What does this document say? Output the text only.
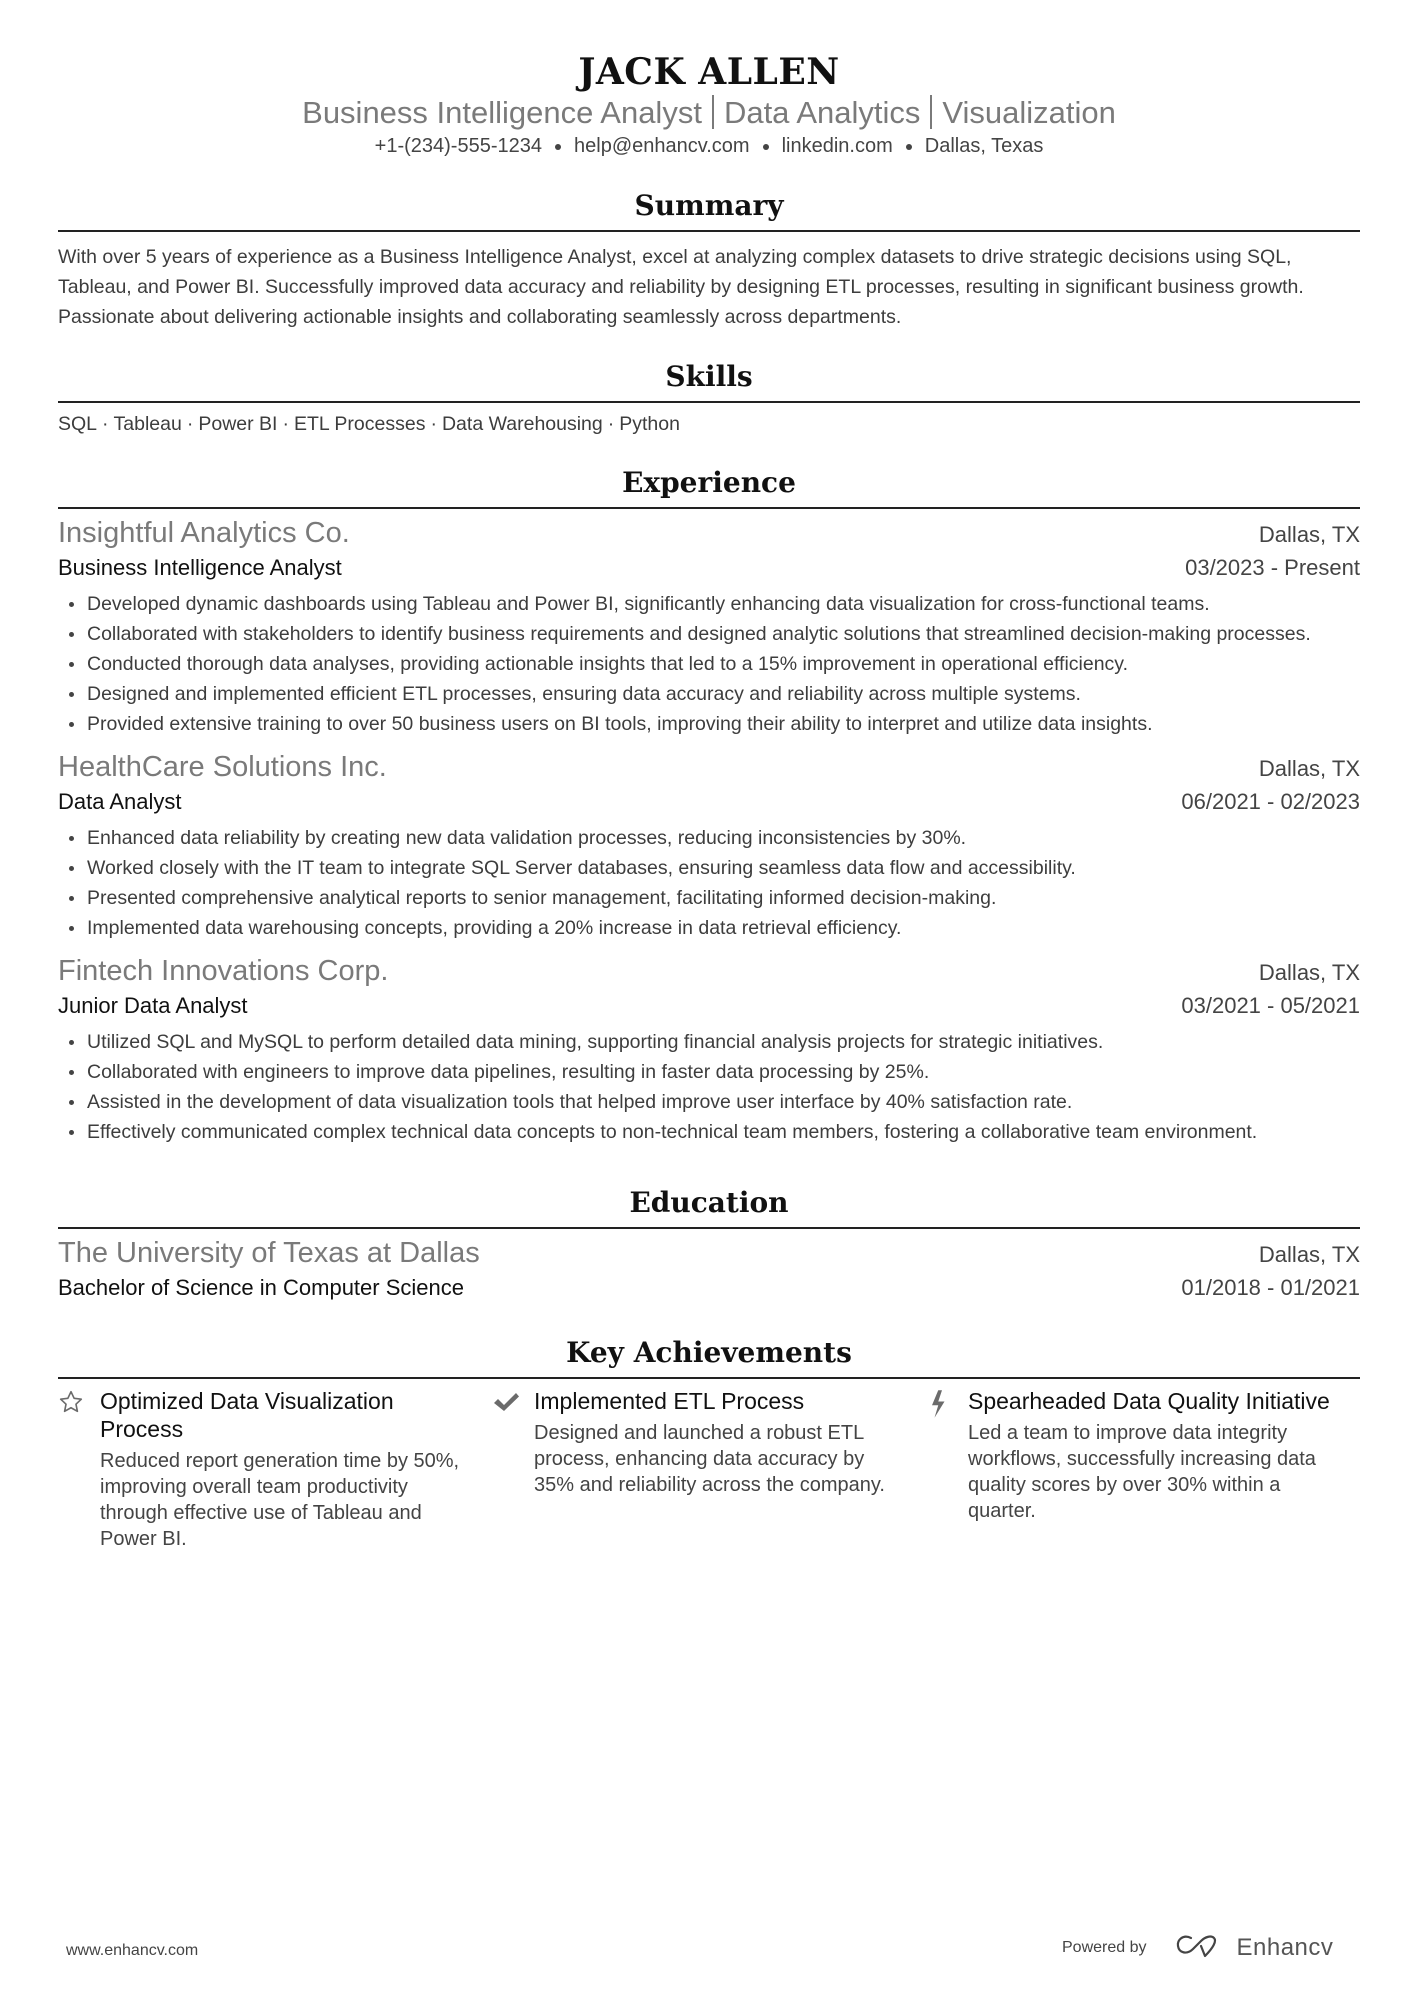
JACK ALLEN
Business Intelligence Analyst Data Analytics Visualization
+1-(234)-555-1234 help@enhancv.com linkedin.com Dallas, Texas
Summary

With over 5 years of experience as a Business Intelligence Analyst, excel at analyzing complex datasets to drive strategic decisions using SQL, Tableau, and Power BI. Successfully improved data accuracy and reliability by designing ETL processes, resulting in significant business growth. Passionate about delivering actionable insights and collaborating seamlessly across departments.

Skills
SQL · Tableau · Power BI · ETL Processes · Data Warehousing · Python
Experience
Insightful Analytics Co.	Dallas, TX
Business Intelligence Analyst	03/2023 - Present
Developed dynamic dashboards using Tableau and Power BI, significantly enhancing data visualization for cross-functional teams.
Collaborated with stakeholders to identify business requirements and designed analytic solutions that streamlined decision-making processes.
Conducted thorough data analyses, providing actionable insights that led to a 15% improvement in operational efficiency.
Designed and implemented efficient ETL processes, ensuring data accuracy and reliability across multiple systems.
Provided extensive training to over 50 business users on BI tools, improving their ability to interpret and utilize data insights.
HealthCare Solutions Inc.	Dallas, TX
Data Analyst	06/2021 - 02/2023
Enhanced data reliability by creating new data validation processes, reducing inconsistencies by 30%.
Worked closely with the IT team to integrate SQL Server databases, ensuring seamless data flow and accessibility.
Presented comprehensive analytical reports to senior management, facilitating informed decision-making.
Implemented data warehousing concepts, providing a 20% increase in data retrieval efficiency.
Fintech Innovations Corp.	Dallas, TX
Junior Data Analyst	03/2021 - 05/2021
Utilized SQL and MySQL to perform detailed data mining, supporting financial analysis projects for strategic initiatives.
Collaborated with engineers to improve data pipelines, resulting in faster data processing by 25%.
Assisted in the development of data visualization tools that helped improve user interface by 40% satisfaction rate.
Effectively communicated complex technical data concepts to non-technical team members, fostering a collaborative team environment.
Education
The University of Texas at Dallas	Dallas, TX
Bachelor of Science in Computer Science	01/2018 - 01/2021
Key Achievements
Optimized Data Visualization Process
Reduced report generation time by 50%, improving overall team productivity through effective use of Tableau and Power BI.
Implemented ETL Process
Designed and launched a robust ETL process, enhancing data accuracy by 35% and reliability across the company.
Spearheaded Data Quality Initiative
Led a team to improve data integrity workflows, successfully increasing data quality scores by over 30% within a quarter.
www.enhancv.com	Powered by	Enhancv
